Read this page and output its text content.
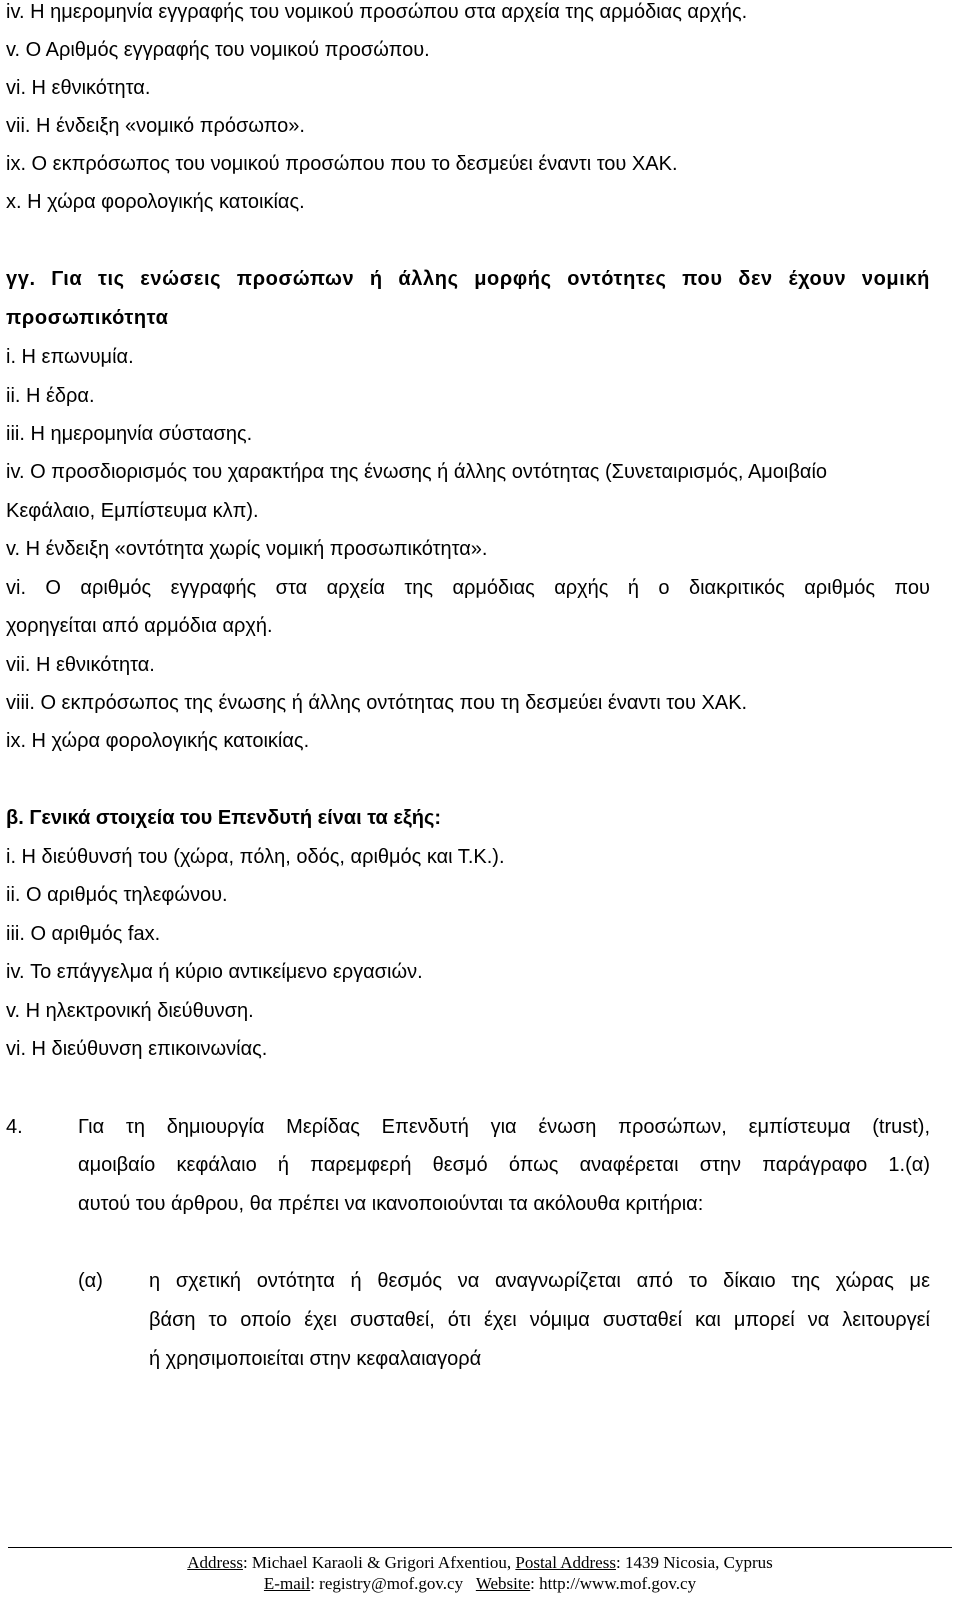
iv. Η ημερομηνία εγγραφής του νομικού προσώπου στα αρχεία της αρμόδιας αρχής.
v. Ο Αριθμός εγγραφής του νομικού προσώπου.
vi. Η εθνικότητα.
vii. Η ένδειξη «νομικό πρόσωπο».
ix. Ο εκπρόσωπος του νομικού προσώπου που το δεσμεύει έναντι του ΧΑΚ.
x. Η χώρα φορολογικής κατοικίας.
γγ. Για τις ενώσεις προσώπων ή άλλης μορφής οντότητες που δεν έχουν νομική
προσωπικότητα
i. Η επωνυμία.
ii. Η έδρα.
iii. Η ημερομηνία σύστασης.
iv. Ο προσδιορισμός του χαρακτήρα της ένωσης ή άλλης οντότητας (Συνεταιρισμός, Αμοιβαίο
Κεφάλαιο, Εμπίστευμα κλπ).
v. Η ένδειξη «οντότητα χωρίς νομική προσωπικότητα».
vi. Ο αριθμός εγγραφής στα αρχεία της αρμόδιας αρχής ή ο διακριτικός αριθμός που
χορηγείται από αρμόδια αρχή.
vii. Η εθνικότητα.
viii. Ο εκπρόσωπος της ένωσης ή άλλης οντότητας που τη δεσμεύει έναντι του ΧΑΚ.
ix. Η χώρα φορολογικής κατοικίας.
β. Γενικά στοιχεία του Επενδυτή είναι τα εξής:
i. Η διεύθυνσή του (χώρα, πόλη, οδός, αριθμός και Τ.Κ.).
ii. Ο αριθμός τηλεφώνου.
iii. Ο αριθμός fax.
iv. Το επάγγελμα ή κύριο αντικείμενο εργασιών.
v. Η ηλεκτρονική διεύθυνση.
vi. Η διεύθυνση επικοινωνίας.
4.	Για τη δημιουργία Μερίδας Επενδυτή για ένωση προσώπων, εμπίστευμα (trust),
αμοιβαίο κεφάλαιο ή παρεμφερή θεσμό όπως αναφέρεται στην παράγραφο 1.(α)
αυτού του άρθρου, θα πρέπει να ικανοποιούνται τα ακόλουθα κριτήρια:
(α) η σχετική οντότητα ή θεσμός να αναγνωρίζεται από το δίκαιο της χώρας με
βάση το οποίο έχει συσταθεί, ότι έχει νόμιμα συσταθεί και μπορεί να λειτουργεί
ή χρησιμοποιείται στην κεφαλαιαγορά
Address: Michael Karaoli & Grigori Afxentiou, Postal Address: 1439 Nicosia, Cyprus
E-mail: registry@mof.gov.cy Website: http://www.mof.gov.cy
